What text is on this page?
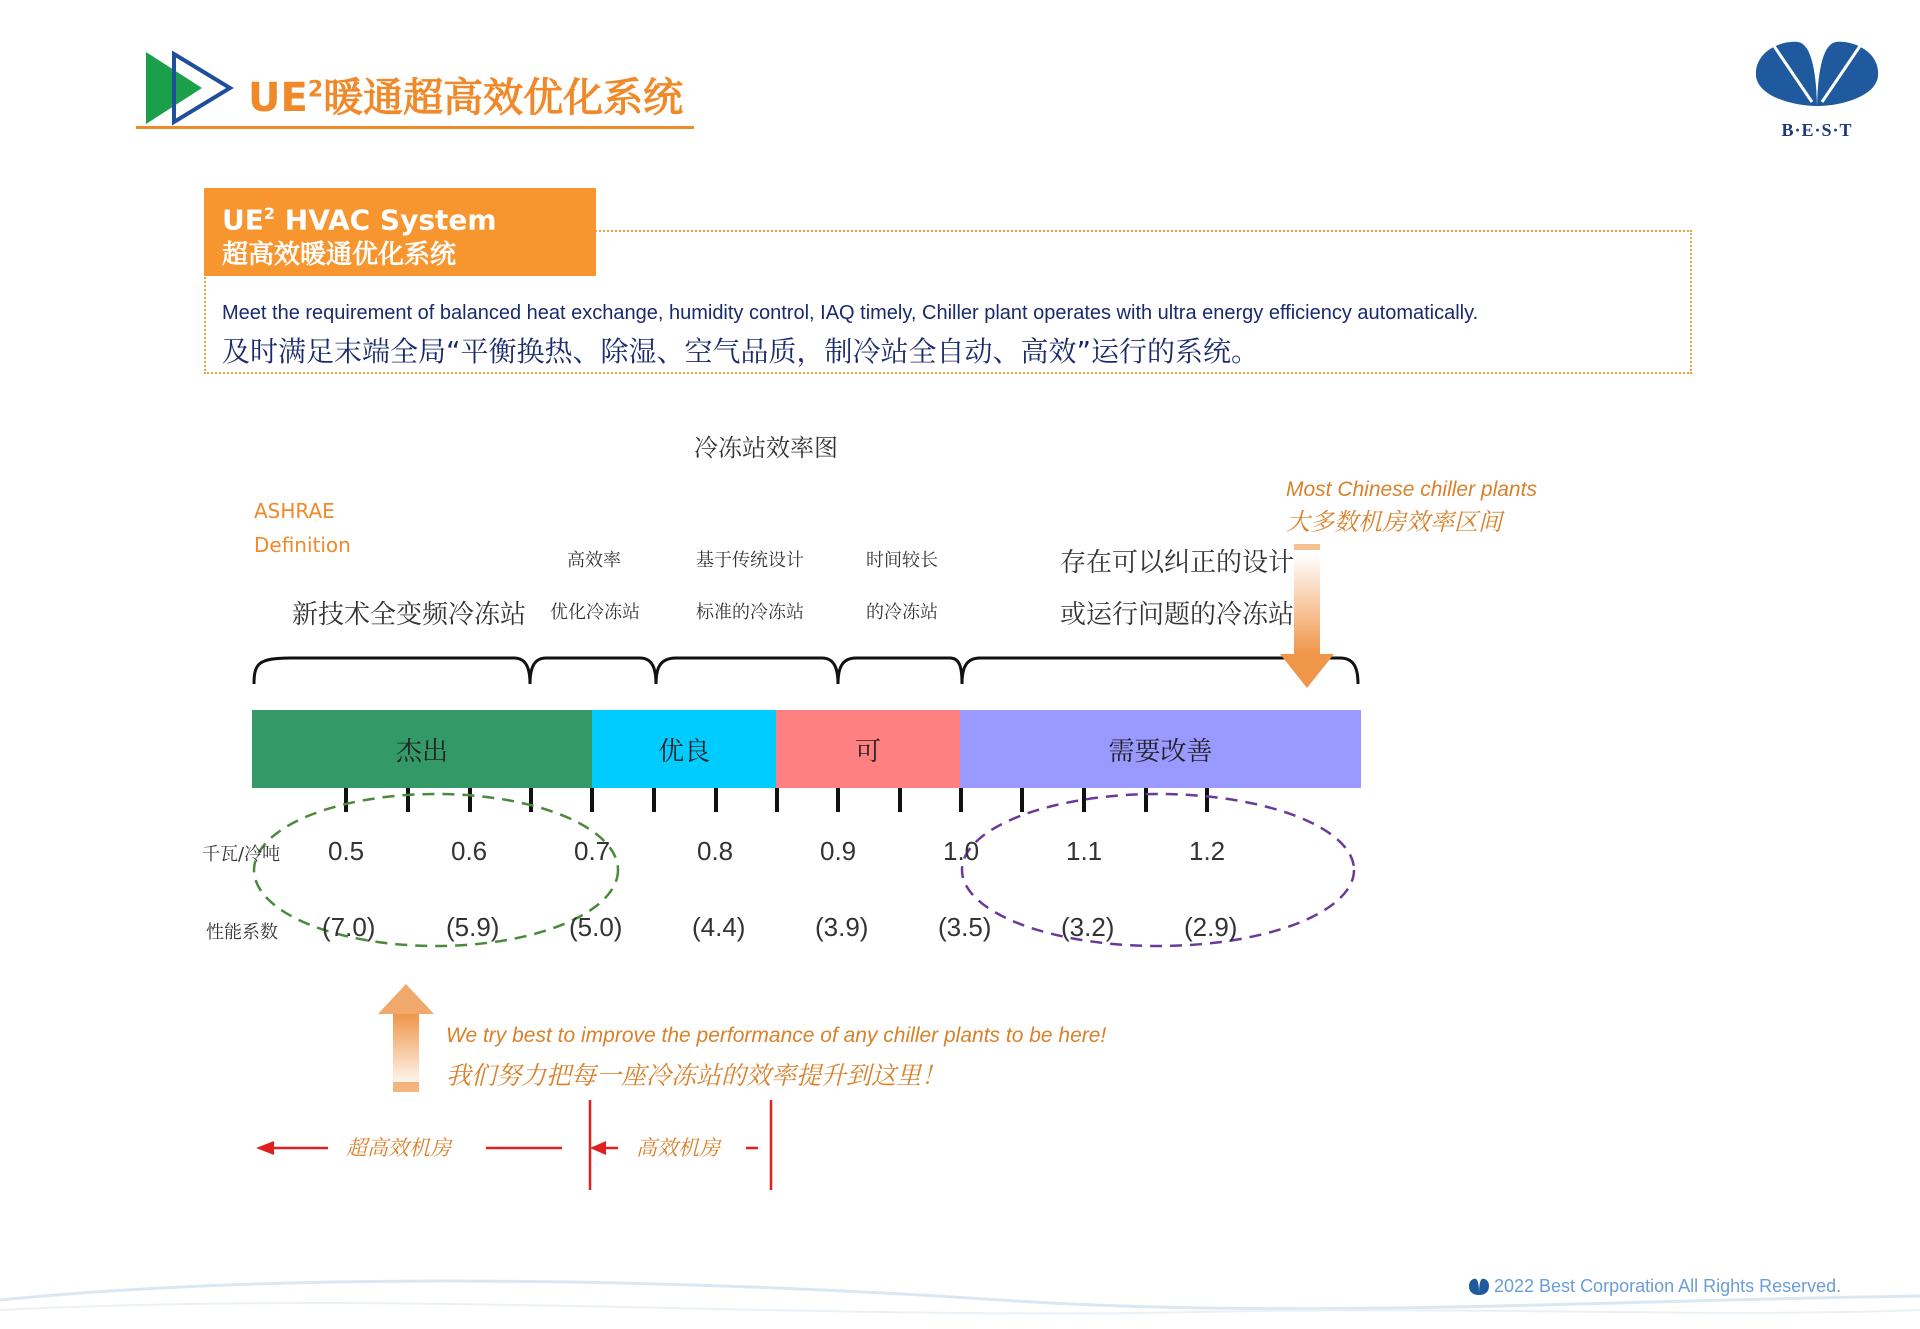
$UE^2$暖通超高效优化系统
B·E·S·T
$UE^2$ HVAC System
超高效暖通优化系统
Meet the requirement of balanced heat exchange, humidity control, IAQ timely, Chiller plant operates with ultra energy efficiency automatically.
及时满足末端全局“平衡换热、除湿、空气品质，制冷站全自动、高效”运行的系统。
冷冻站效率图
ASHRAE
Definition
Most Chinese chiller plants
大多数机房效率区间
新技术全变频冷冻站
高效率
优化冷冻站
基于传统设计
标准的冷冻站
时间较长
的冷冻站
存在可以纠正的设计
或运行问题的冷冻站
杰出	优良	可	需要改善
千瓦/冷吨
性能系数
0.5	0.6	0.7	0.8	0.9	1.0	1.1	1.2
(7.0)	(5.9)	(5.0)	(4.4)	(3.9)	(3.5)	(3.2)	(2.9)
We try best to improve the performance of any chiller plants to be here!
我们努力把每一座冷冻站的效率提升到这里！
超高效机房	高效机房
2022 Best Corporation All Rights Reserved.
